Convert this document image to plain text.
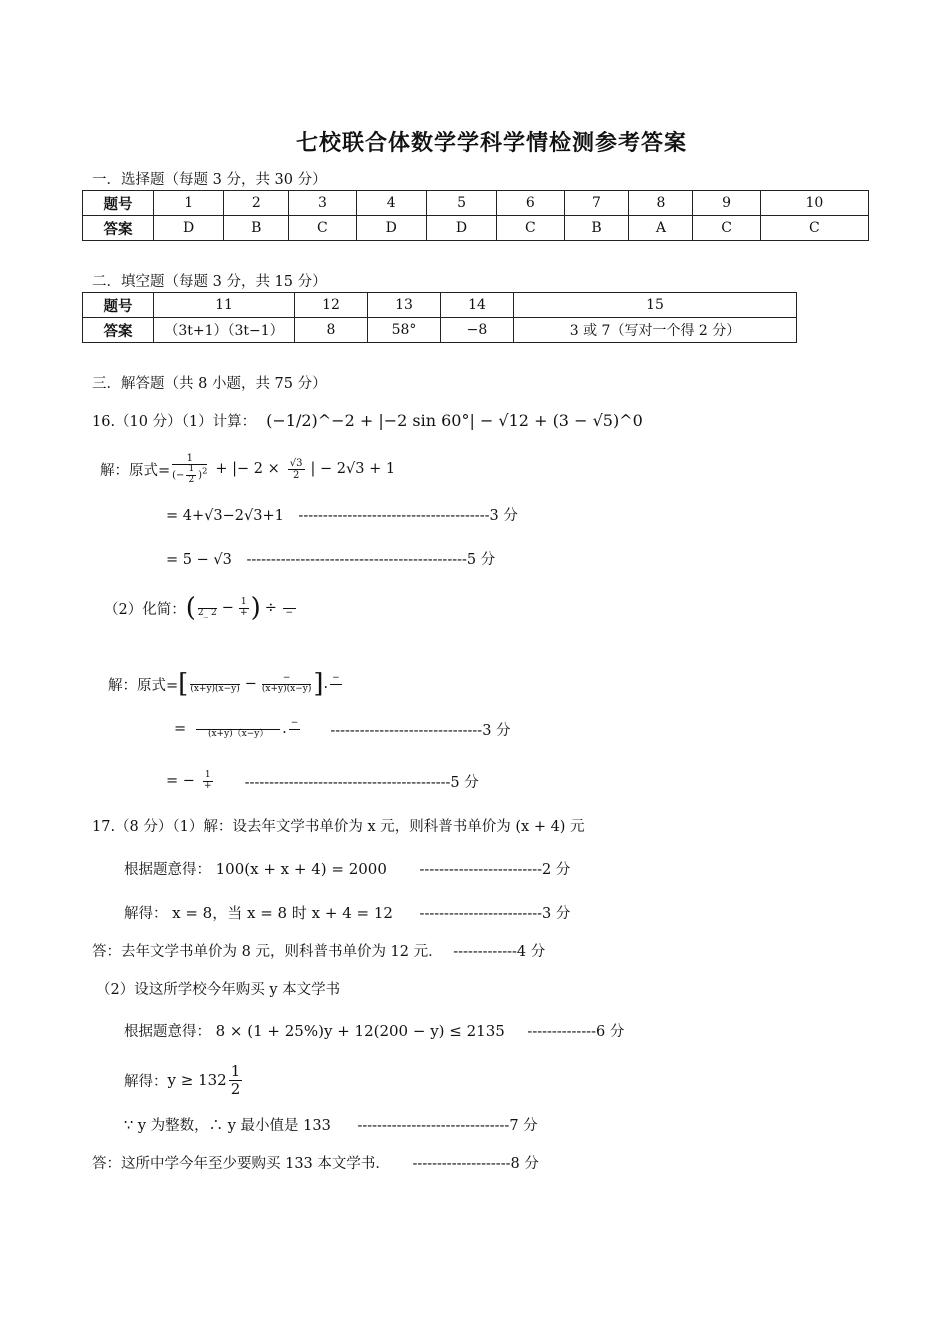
七校联合体数学学科学情检测参考答案
一．选择题（每题 3 分，共 30 分）
题号	1	2	3	4	5	6	7	8	9	10
答案	D	B	C	D	D	C	B	A	C	C
二．填空题（每题 3 分，共 15 分）
题号	11	12	13	14	15
答案	（3t+1）（3t−1）	8	58°	−8	3 或 7（写对一个得 2 分）
三．解答题（共 8 小题，共 75 分）
16.（10 分）（1）计算： (−1/2)^−2 + |−2 sin 60°| − √12 + (3 − √5)^0
解：原式= $\frac{1}{(- \frac{1}{2} )^2}$ + |− $2 \times \frac{√3}{2}$ | − 2√3 + 1
= 4+√3−2√3+1 ---------------------------------------3 分
= 5 − √3 ---------------------------------------------5 分
（2）化简： (
2_ $2 - \frac{1}{+}$ ) ÷
−
解：原式= [
$(x+y)(x-y) - \frac{-}{(x+y)(x-y)}$ ] . −

=
	(x+y)（x−y） . −
-------------------------------3 分
= − $\frac{1}{+} ------------------------------------------5$ 分
17.（8 分）（1）解：设去年文学书单价为 x 元，则科普书单价为 (x + 4) 元
根据题意得： 100(x + x + 4) = 2000 -------------------------2 分
解得： x = 8，当 x = 8 时 x + 4 = 12 -------------------------3 分
答：去年文学书单价为 8 元，则科普书单价为 12 元． -------------4 分
（2）设这所学校今年购买 y 本文学书
根据题意得： 8 × (1 + 25%)y + 12(200 − y) ≤ 2135 --------------6 分
解得： $y \ge 132 \frac{1}{2}$
∵ y 为整数，∴ y 最小值是 133 -------------------------------7 分
答：这所中学今年至少要购买 133 本文学书． --------------------8 分
